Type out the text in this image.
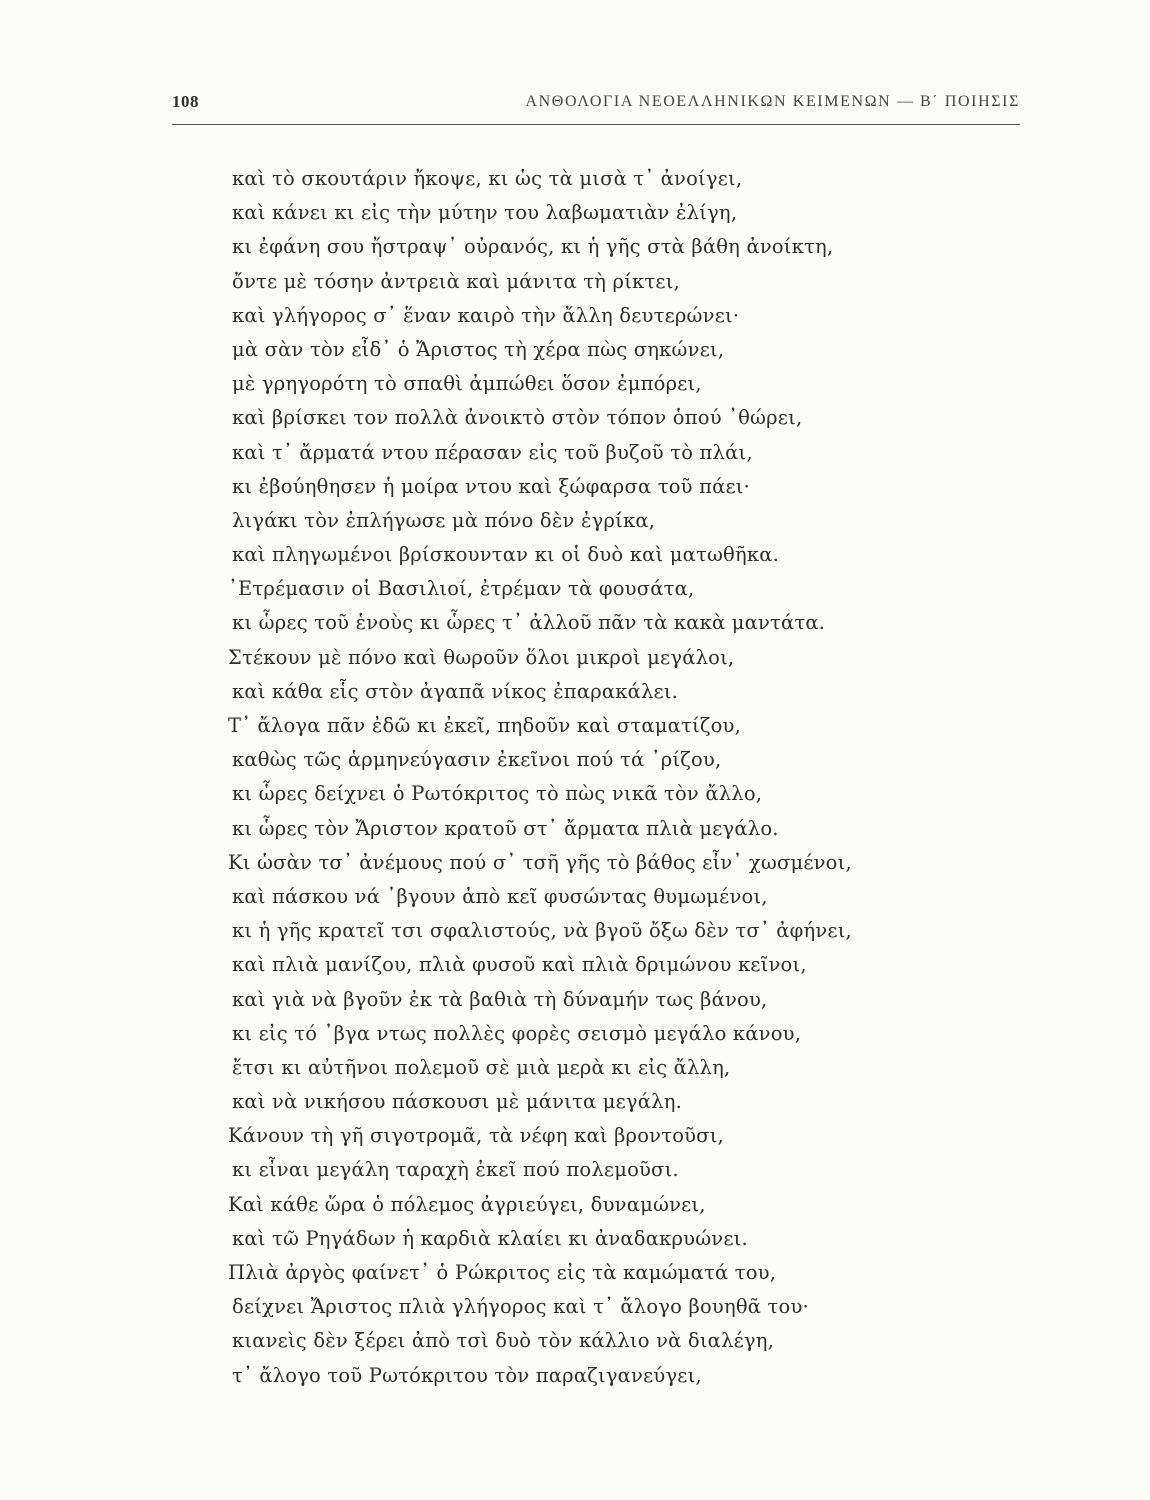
108	ΑΝΘΟΛΟΓΙΑ ΝΕΟΕΛΛΗΝΙΚΩΝ ΚΕΙΜΕΝΩΝ — Β΄ ΠΟΙΗΣΙΣ
καὶ τὸ σκουτάριν ἤκοψε, κι ὡς τὰ μισὰ τ᾽ ἀνοίγει,
καὶ κάνει κι εἰς τὴν μύτην του λαβωματιὰν ἐλίγη,
κι ἐφάνη σου ἤστραψ᾽ οὐρανός, κι ἡ γῆς στὰ βάθη ἀνοίκτη,
ὄντε μὲ τόσην ἀντρειὰ καὶ μάνιτα τὴ ρίκτει,
καὶ γλήγορος σ᾽ ἕναν καιρὸ τὴν ἄλλη δευτερώνει·
μὰ σὰν τὸν εἶδ᾽ ὁ Ἄριστος τὴ χέρα πὼς σηκώνει,
μὲ γρηγορότη τὸ σπαθὶ ἀμπώθει ὅσον ἐμπόρει,
καὶ βρίσκει τον πολλὰ ἀνοικτὸ στὸν τόπον ὁπού ᾽θώρει,
καὶ τ᾽ ἄρματά ντου πέρασαν εἰς τοῦ βυζοῦ τὸ πλάι,
κι ἐβούηθησεν ἡ μοίρα ντου καὶ ξώφαρσα τοῦ πάει·
λιγάκι τὸν ἐπλήγωσε μὰ πόνο δὲν ἐγρίκα,
καὶ πληγωμένοι βρίσκουνταν κι οἱ δυὸ καὶ ματωθῆκα.
᾽Ετρέμασιν οἱ Βασιλιοί, ἐτρέμαν τὰ φουσάτα,
κι ὧρες τοῦ ἑνοὺς κι ὧρες τ᾽ ἀλλοῦ πᾶν τὰ κακὰ μαντάτα.
Στέκουν μὲ πόνο καὶ θωροῦν ὅλοι μικροὶ μεγάλοι,
καὶ κάθα εἷς στὸν ἀγαπᾶ νίκος ἐπαρακάλει.
Τ᾽ ἄλογα πᾶν ἐδῶ κι ἐκεῖ, πηδοῦν καὶ σταματίζου,
καθὼς τῶς ἁρμηνεύγασιν ἐκεῖνοι πού τά ᾽ρίζου,
κι ὧρες δείχνει ὁ Ρωτόκριτος τὸ πὼς νικᾶ τὸν ἄλλο,
κι ὧρες τὸν Ἄριστον κρατοῦ στ᾽ ἄρματα πλιὰ μεγάλο.
Κι ὡσὰν τσ᾽ ἀνέμους πού σ᾽ τσῆ γῆς τὸ βάθος εἶν᾽ χωσμένοι,
καὶ πάσκου νά ᾽βγουν ἀπὸ κεῖ φυσώντας θυμωμένοι,
κι ἡ γῆς κρατεῖ τσι σφαλιστούς, νὰ βγοῦ ὄξω δὲν τσ᾽ ἀφήνει,
καὶ πλιὰ μανίζου, πλιὰ φυσοῦ καὶ πλιὰ δριμώνου κεῖνοι,
καὶ γιὰ νὰ βγοῦν ἐκ τὰ βαθιὰ τὴ δύναμήν τως βάνου,
κι εἰς τό ᾽βγα ντως πολλὲς φορὲς σεισμὸ μεγάλο κάνου,
ἔτσι κι αὐτῆνοι πολεμοῦ σὲ μιὰ μερὰ κι εἰς ἄλλη,
καὶ νὰ νικήσου πάσκουσι μὲ μάνιτα μεγάλη.
Κάνουν τὴ γῆ σιγοτρομᾶ, τὰ νέφη καὶ βροντοῦσι,
κι εἶναι μεγάλη ταραχὴ ἐκεῖ πού πολεμοῦσι.
Καὶ κάθε ὥρα ὁ πόλεμος ἀγριεύγει, δυναμώνει,
καὶ τῶ Ρηγάδων ἡ καρδιὰ κλαίει κι ἀναδακρυώνει.
Πλιὰ ἀργὸς φαίνετ᾽ ὁ Ρώκριτος εἰς τὰ καμώματά του,
δείχνει Ἄριστος πλιὰ γλήγορος καὶ τ᾽ ἄλογο βουηθᾶ του·
κιανεὶς δὲν ξέρει ἀπὸ τσὶ δυὸ τὸν κάλλιο νὰ διαλέγη,
τ᾽ ἄλογο τοῦ Ρωτόκριτου τὸν παραζιγανεύγει,
